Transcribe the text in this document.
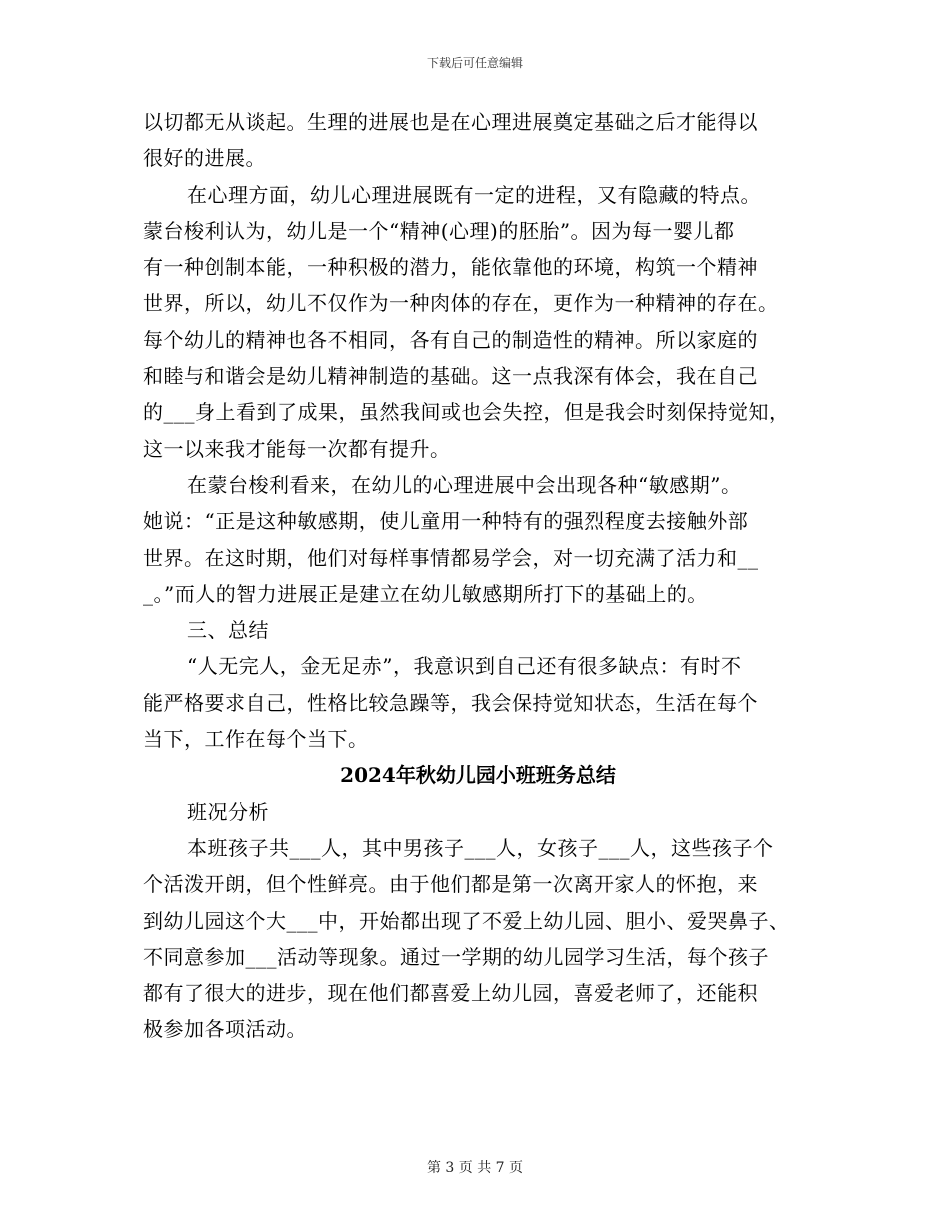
下载后可任意编辑
以切都无从谈起。生理的进展也是在心理进展奠定基础之后才能得以
很好的进展。
在心理方面，幼儿心理进展既有一定的进程，又有隐藏的特点。
蒙台梭利认为，幼儿是一个“精神(心理)的胚胎”。因为每一婴儿都
有一种创制本能，一种积极的潜力，能依靠他的环境，构筑一个精神
世界，所以，幼儿不仅作为一种肉体的存在，更作为一种精神的存在。
每个幼儿的精神也各不相同，各有自己的制造性的精神。所以家庭的
和睦与和谐会是幼儿精神制造的基础。这一点我深有体会，我在自己
的___身上看到了成果，虽然我间或也会失控，但是我会时刻保持觉知，
这一以来我才能每一次都有提升。
在蒙台梭利看来，在幼儿的心理进展中会出现各种“敏感期”。
她说：“正是这种敏感期，使儿童用一种特有的强烈程度去接触外部
世界。在这时期，他们对每样事情都易学会，对一切充满了活力和__
_。”而人的智力进展正是建立在幼儿敏感期所打下的基础上的。
三、总结
“人无完人，金无足赤”，我意识到自己还有很多缺点：有时不
能严格要求自己，性格比较急躁等，我会保持觉知状态，生活在每个
当下，工作在每个当下。
2024年秋幼儿园小班班务总结
班况分析
本班孩子共___人，其中男孩子___人，女孩子___人，这些孩子个
个活泼开朗，但个性鲜亮。由于他们都是第一次离开家人的怀抱，来
到幼儿园这个大___中，开始都出现了不爱上幼儿园、胆小、爱哭鼻子、
不同意参加___活动等现象。通过一学期的幼儿园学习生活，每个孩子
都有了很大的进步，现在他们都喜爱上幼儿园，喜爱老师了，还能积
极参加各项活动。
第 3 页 共 7 页
